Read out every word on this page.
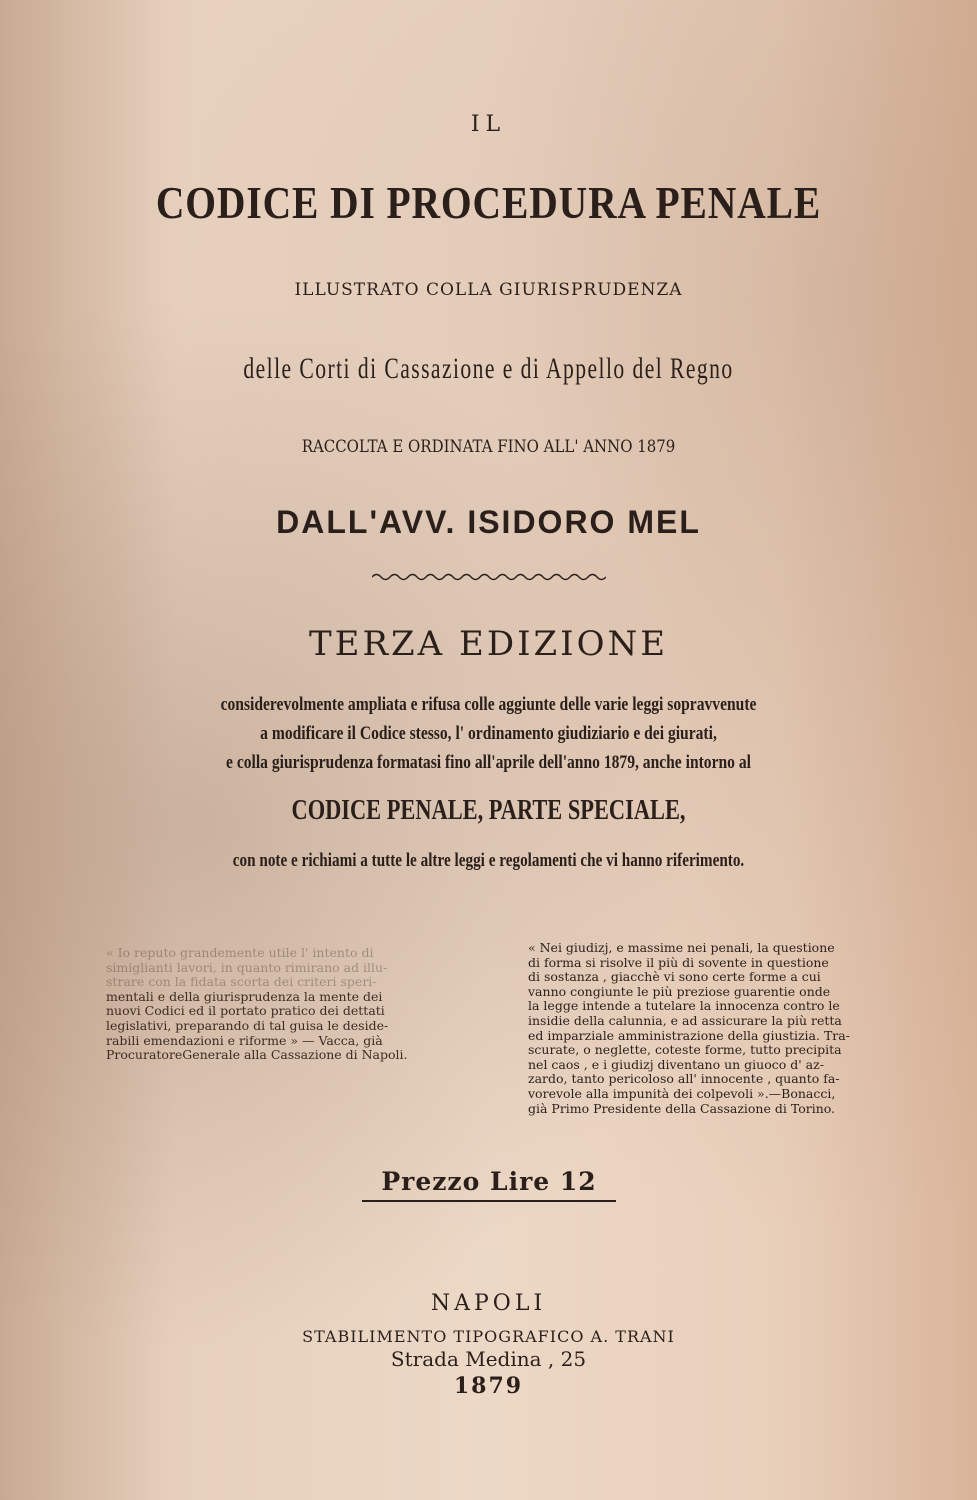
IL
CODICE DI PROCEDURA PENALE
ILLUSTRATO COLLA GIURISPRUDENZA
delle Corti di Cassazione e di Appello del Regno
RACCOLTA E ORDINATA FINO ALL' ANNO 1879
DALL'AVV. ISIDORO MEL
TERZA EDIZIONE
considerevolmente ampliata e rifusa colle aggiunte delle varie leggi sopravvenute
a modificare il Codice stesso, l' ordinamento giudiziario e dei giurati,
e colla giurisprudenza formatasi fino all'aprile dell'anno 1879, anche intorno al
CODICE PENALE, PARTE SPECIALE,
con note e richiami a tutte le altre leggi e regolamenti che vi hanno riferimento.
« Io reputo grandemente utile l' intento di
simiglianti lavori, in quanto rimirano ad illu-
strare con la fidata scorta dei criteri speri-
mentali e della giurisprudenza la mente dei
nuovi Codici ed il portato pratico dei dettati
legislativi, preparando di tal guisa le deside-
rabili emendazioni e riforme » — Vacca, già
ProcuratoreGenerale alla Cassazione di Napoli.
« Nei giudizj, e massime nei penali, la questione
di forma si risolve il più di sovente in questione
di sostanza , giacchè vi sono certe forme a cui
vanno congiunte le più preziose guarentie onde
la legge intende a tutelare la innocenza contro le
insidie della calunnia, e ad assicurare la più retta
ed imparziale amministrazione della giustizia. Tra-
scurate, o neglette, coteste forme, tutto precipita
nel caos , e i giudizj diventano un giuoco d' az-
zardo, tanto pericoloso all' innocente , quanto fa-
vorevole alla impunità dei colpevoli ».—Bonacci,
già Primo Presidente della Cassazione di Torino.
Prezzo Lire 12
NAPOLI
STABILIMENTO TIPOGRAFICO A. TRANI
Strada Medina , 25
1879
